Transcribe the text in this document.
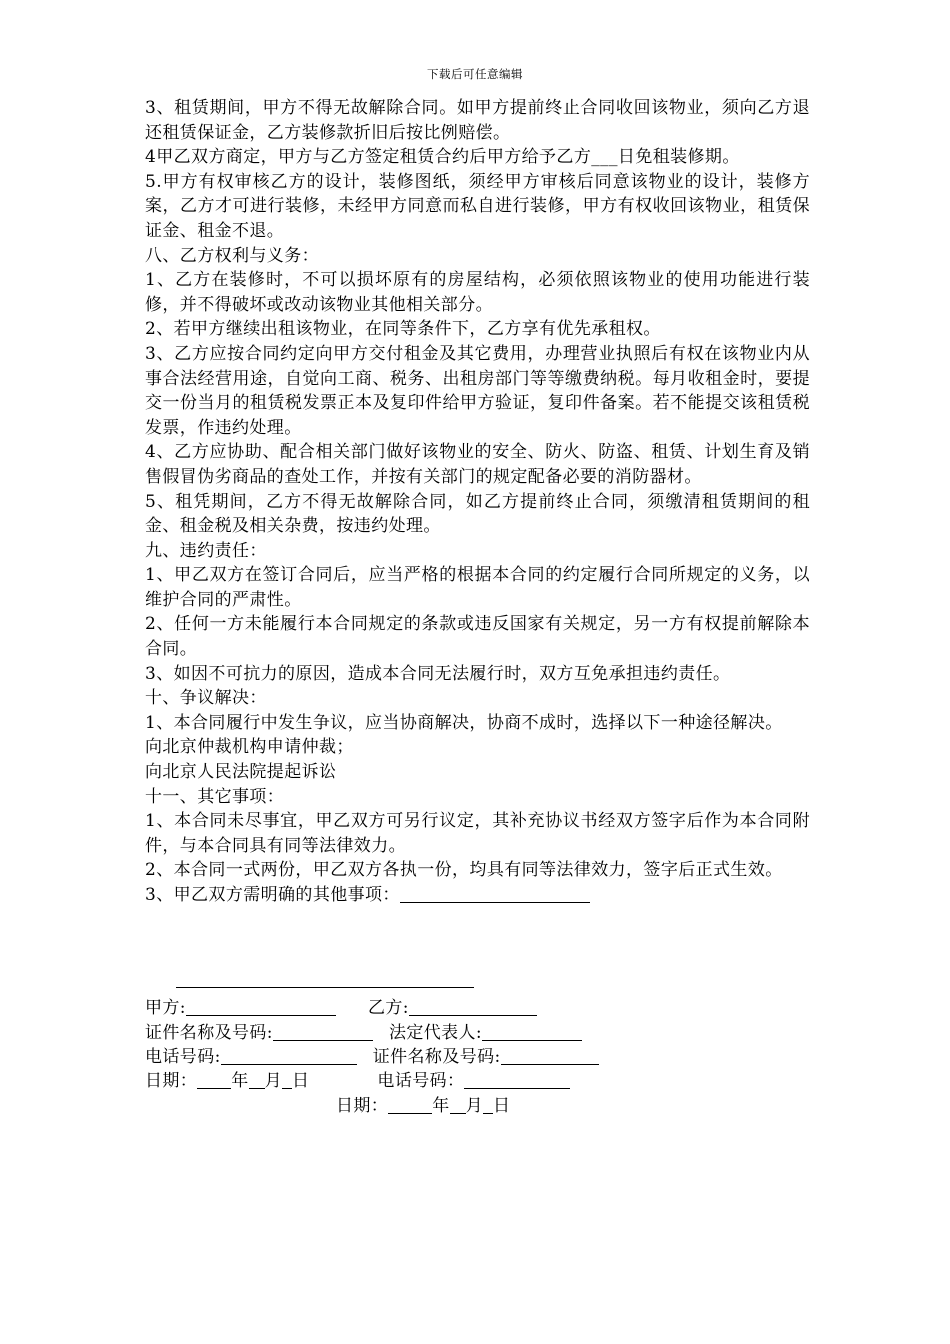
下载后可任意编辑

3、租赁期间，甲方不得无故解除合同。如甲方提前终止合同收回该物业，须向乙方退还租赁保证金，乙方装修款折旧后按比例赔偿。

4甲乙双方商定，甲方与乙方签定租赁合约后甲方给予乙方___日免租装修期。

5.甲方有权审核乙方的设计，装修图纸，须经甲方审核后同意该物业的设计，装修方案，乙方才可进行装修，未经甲方同意而私自进行装修，甲方有权收回该物业，租赁保证金、租金不退。

八、乙方权利与义务：

1、乙方在装修时，不可以损坏原有的房屋结构，必须依照该物业的使用功能进行装修，并不得破坏或改动该物业其他相关部分。

2、若甲方继续出租该物业，在同等条件下，乙方享有优先承租权。

3、乙方应按合同约定向甲方交付租金及其它费用，办理营业执照后有权在该物业内从事合法经营用途，自觉向工商、税务、出租房部门等等缴费纳税。每月收租金时，要提交一份当月的租赁税发票正本及复印件给甲方验证，复印件备案。若不能提交该租赁税发票，作违约处理。

4、乙方应协助、配合相关部门做好该物业的安全、防火、防盗、租赁、计划生育及销售假冒伪劣商品的查处工作，并按有关部门的规定配备必要的消防器材。

5、租凭期间，乙方不得无故解除合同，如乙方提前终止合同，须缴清租赁期间的租金、租金税及相关杂费，按违约处理。

九、违约责任：

1、甲乙双方在签订合同后，应当严格的根据本合同的约定履行合同所规定的义务，以维护合同的严肃性。

2、任何一方未能履行本合同规定的条款或违反国家有关规定，另一方有权提前解除本合同。

3、如因不可抗力的原因，造成本合同无法履行时，双方互免承担违约责任。

十、争议解决：

1、本合同履行中发生争议，应当协商解决，协商不成时，选择以下一种途径解决。

向北京仲裁机构申请仲裁；

向北京人民法院提起诉讼

十一、其它事项：

1、本合同未尽事宜，甲乙双方可另行议定，其补充协议书经双方签字后作为本合同附件，与本合同具有同等法律效力。

2、本合同一式两份，甲乙双方各执一份，均具有同等法律效力，签字后正式生效。

3、甲乙双方需明确的其他事项：

甲方:	乙方:
证件名称及号码:	法定代表人:
电话号码:	证件名称及号码:
日期： 年 月 日	电话号码：
日期：	年 月 日
